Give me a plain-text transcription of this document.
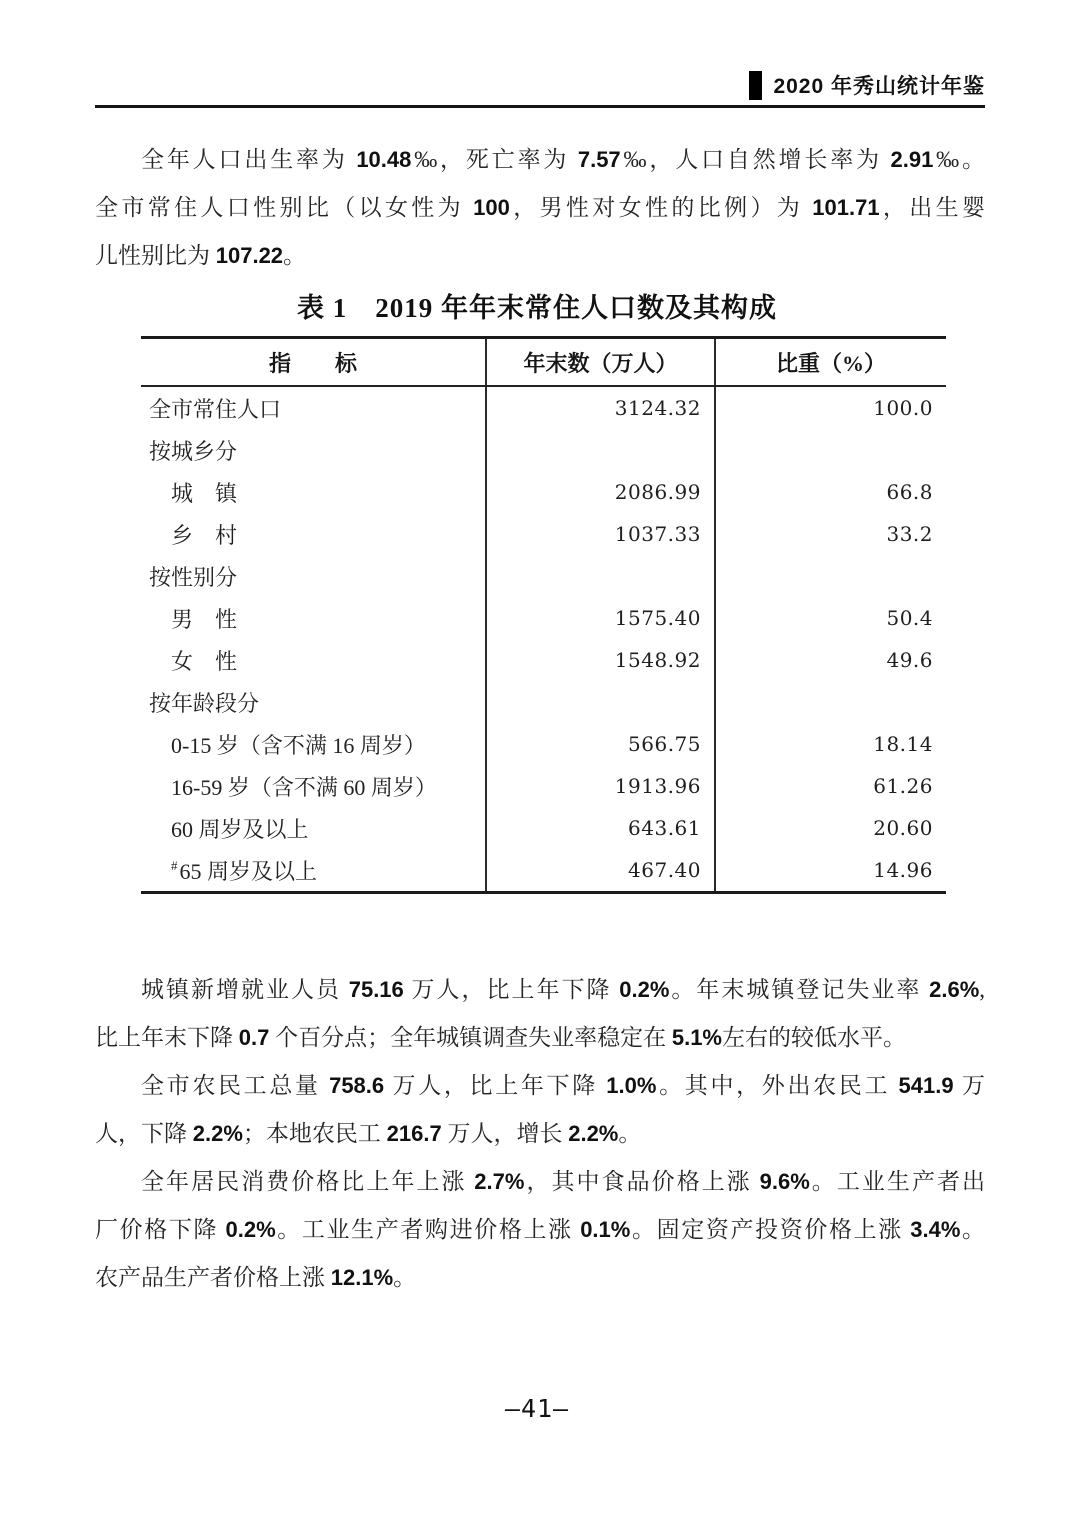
2020 年秀山统计年鉴
全年人口出生率为 10.48‰，死亡率为 7.57‰，人口自然增长率为 2.91‰。
全市常住人口性别比（以女性为 100，男性对女性的比例）为 101.71，出生婴
儿性别比为 107.22。
表 1　2019 年年末常住人口数及其构成
指　　标	年末数（万人）	比重（%）
全市常住人口	3124.32	100.0
按城乡分
城　镇	2086.99	66.8
乡　村	1037.33	33.2
按性别分
男　性	1575.40	50.4
女　性	1548.92	49.6
按年龄段分
0-15 岁（含不满 16 周岁）	566.75	18.14
16-59 岁（含不满 60 周岁）	1913.96	61.26
60 周岁及以上	643.61	20.60
# 65 周岁及以上	467.40	14.96
城镇新增就业人员 75.16 万人，比上年下降 0.2%。年末城镇登记失业率 2.6%,
比上年末下降 0.7 个百分点；全年城镇调查失业率稳定在 5.1%左右的较低水平。
全市农民工总量 758.6 万人，比上年下降 1.0%。其中，外出农民工 541.9 万
人，下降 2.2%；本地农民工 216.7 万人，增长 2.2%。
全年居民消费价格比上年上涨 2.7%，其中食品价格上涨 9.6%。工业生产者出
厂价格下降 0.2%。工业生产者购进价格上涨 0.1%。固定资产投资价格上涨 3.4%。
农产品生产者价格上涨 12.1%。
–41–
